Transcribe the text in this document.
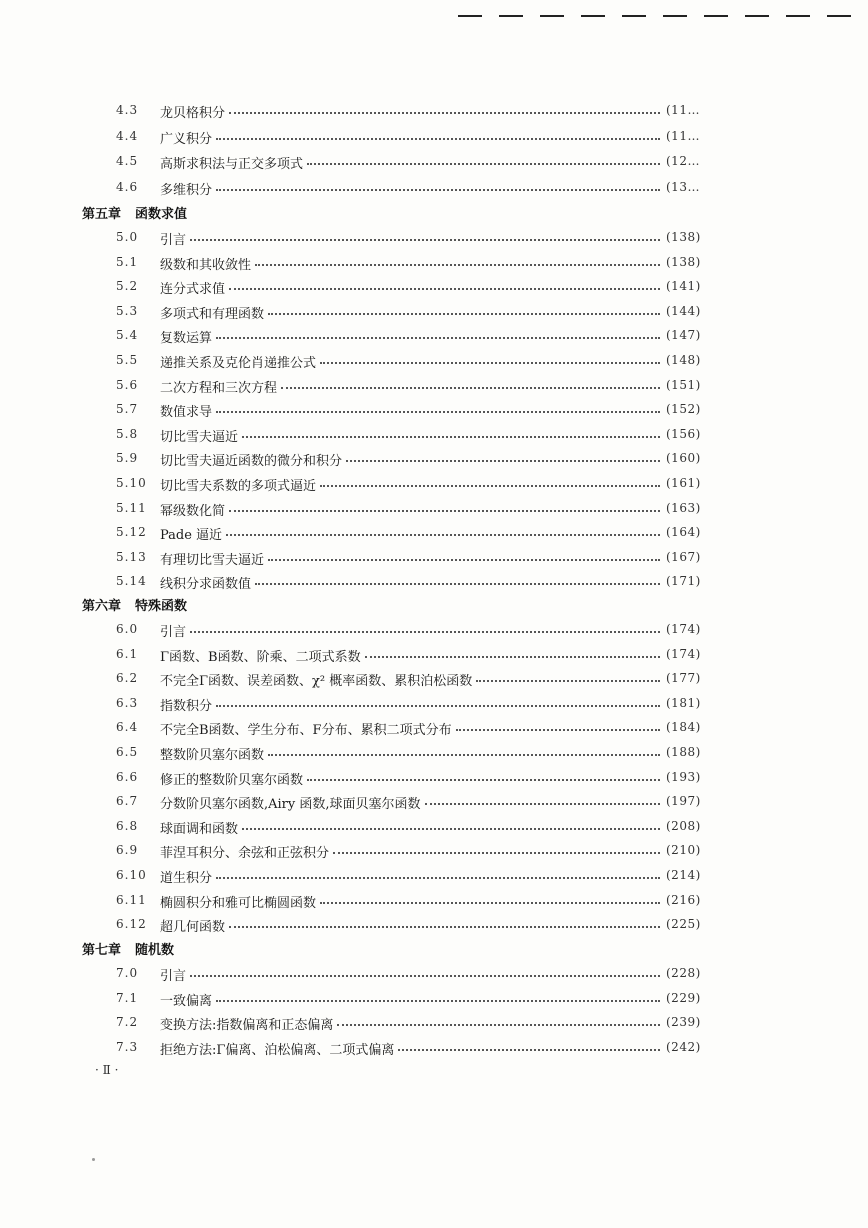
4.3 龙贝格积分	(11…
4.4 广义积分	(11…
4.5 高斯求积法与正交多项式	(12…
4.6 多维积分	(13…
第五章 函数求值
5.0 引言	(138)
5.1 级数和其收敛性	(138)
5.2 连分式求值	(141)
5.3 多项式和有理函数	(144)
5.4 复数运算	(147)
5.5 递推关系及克伦肖递推公式	(148)
5.6 二次方程和三次方程	(151)
5.7 数值求导	(152)
5.8 切比雪夫逼近	(156)
5.9 切比雪夫逼近函数的微分和积分	(160)
5.10 切比雪夫系数的多项式逼近	(161)
5.11 幂级数化简	(163)
5.12 Pade 逼近	(164)
5.13 有理切比雪夫逼近	(167)
5.14 线积分求函数值	(171)
第六章 特殊函数
6.0 引言	(174)
6.1 Γ函数、B函数、阶乘、二项式系数	(174)
6.2 不完全Γ函数、误差函数、χ² 概率函数、累积泊松函数	(177)
6.3 指数积分	(181)
6.4 不完全B函数、学生分布、F分布、累积二项式分布	(184)
6.5 整数阶贝塞尔函数	(188)
6.6 修正的整数阶贝塞尔函数	(193)
6.7 分数阶贝塞尔函数,Airy 函数,球面贝塞尔函数	(197)
6.8 球面调和函数	(208)
6.9 菲涅耳积分、余弦和正弦积分	(210)
6.10 道生积分	(214)
6.11 椭圆积分和雅可比椭圆函数	(216)
6.12 超几何函数	(225)
第七章 随机数
7.0 引言	(228)
7.1 一致偏离	(229)
7.2 变换方法:指数偏离和正态偏离	(239)
7.3 拒绝方法:Γ偏离、泊松偏离、二项式偏离	(242)
· Ⅱ ·
